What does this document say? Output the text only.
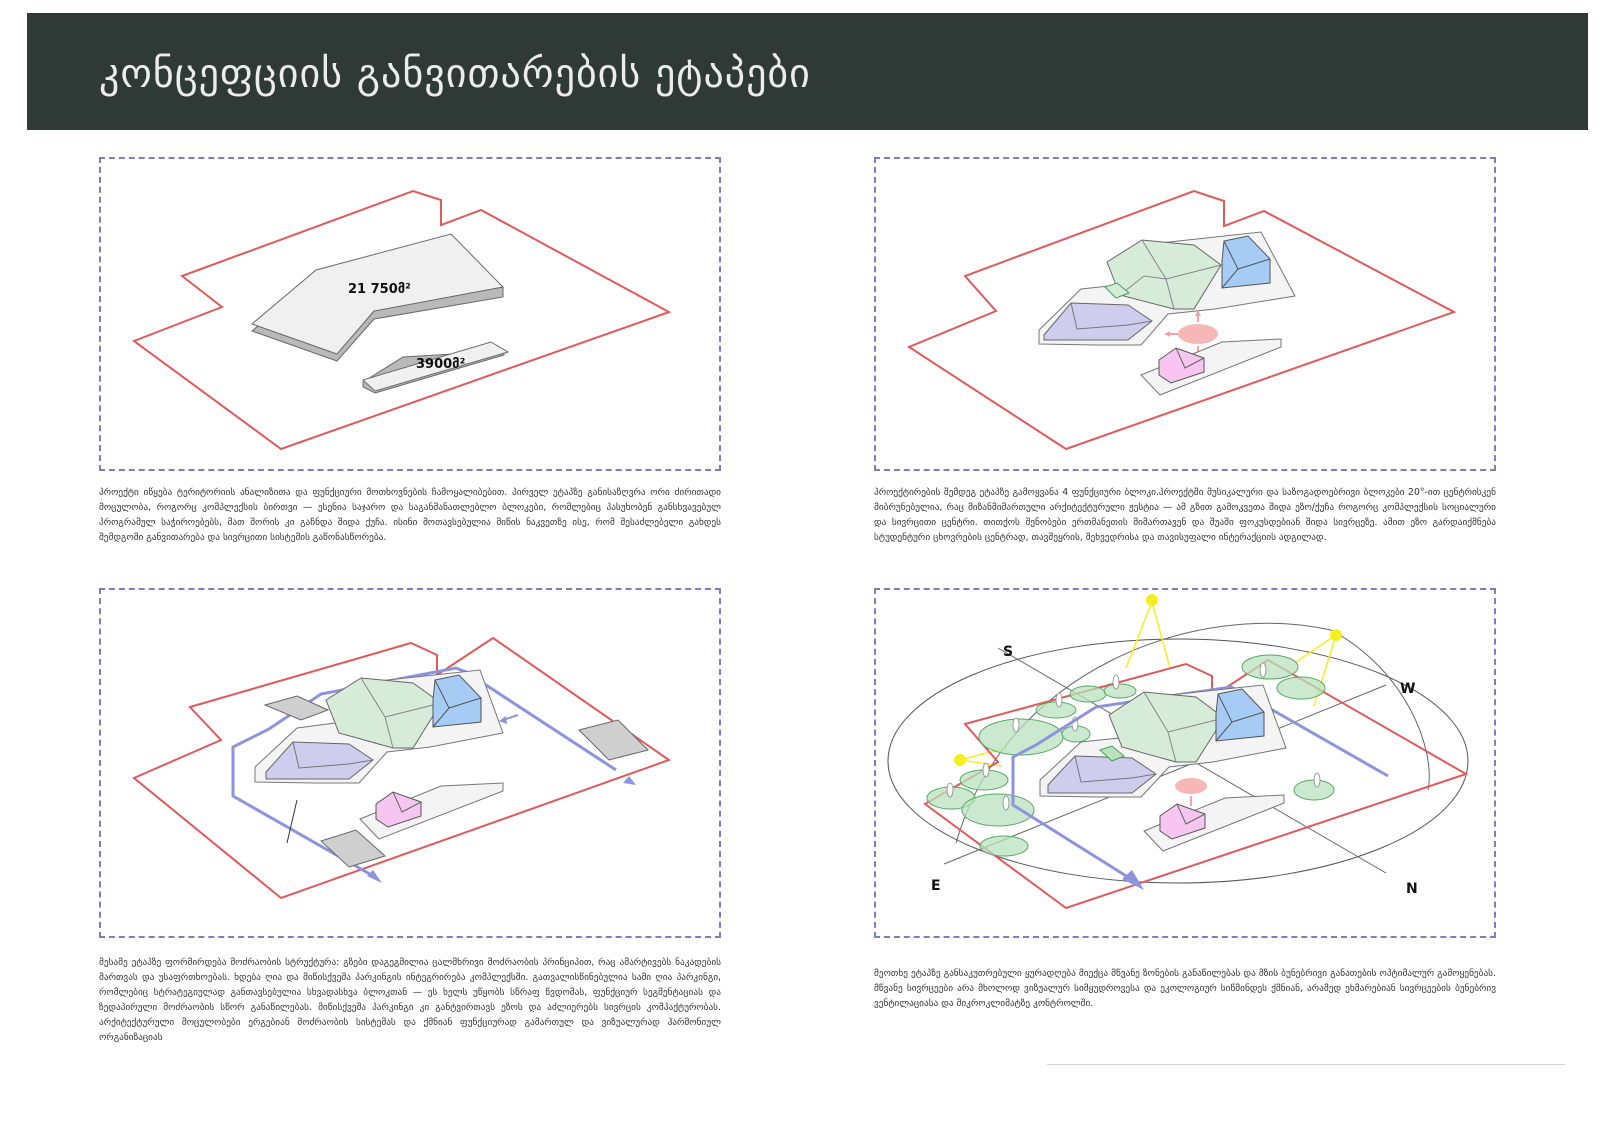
კონცეფციის განვითარების ეტაპები
21 750მ²
3900მ²
პროექტი იწყება ტერიტორიის ანალიზითა და ფუნქციური მოთხოვნების ჩამოყალიბებით. პირველ ეტაპზე განისაზღვრა ორი ძირითადი მოცულობა, როგორც კომპლექსის ბირთვი — ესენია საჯარო და საგანმანათლებლო ბლოკები, რომლებიც პასუხობენ განსხვავებულ პროგრამულ საჭიროებებს, მათ შორის კი გაჩნდა შიდა ქუჩა. ისინი მოთავსებულია მიწის ნაკვეთზე ისე, რომ შესაძლებელი გახდეს შემდგომი განვითარება და სივრცითი სისტემის გაწონასწორება.
პროექტირების შემდეგ ეტაპზე გამოყვანა 4 ფუნქციური ბლოკი.პროექტში მუსიკალური და საზოგადოებრივი ბლოკები 20°-ით ცენტრისკენ მიბრუნებულია, რაც მიზანმიმართული არქიტექტურული ჟესტია — ამ გზით გამოკვეთა შიდა ეზო/ქუჩა როგორც კომპლექსის სოციალური და სივრცითი ცენტრი. თითქოს შენობები ერთმანეთის მიმართავენ და შუაში ფოკუსდებიან შიდა სივრცეზე. ამით ეზო გარდაიქმნება სტუდენტური ცხოვრების ცენტრად, თავშეყრის, შეხვედრისა და თავისუფალი ინტერაქციის ადგილად.
მესამე ეტაპზე ფორმირდება მოძრაობის სტრუქტურა: გზები დაგეგმილია ცალმხრივი მოძრაობის პრინციპით, რაც ამარტივებს ნაკადების მართვას და უსაფრთხოებას. ხდება ღია და მიწისქვეშა პარკინგის ინტეგრირება კომპლექსში. გათვალისწინებულია სამი ღია პარკინგი, რომლებიც სტრატეგიულად განთავსებულია სხვადასხვა ბლოკთან — ეს ხელს უწყობს სწრაფ წვდომას, ფუნქციურ სეგმენტაციას და ზედაპირული მოძრაობის სწორ განაწილებას. მიწისქვეშა პარკინგი კი განტვირთავს ეზოს და აძლიერებს სივრცის კომპაქტურობას. არქიტექტურული მოცულობები ერგებიან მოძრაობის სისტემას და ქმნიან ფუნქციურად გამართულ და ვიზუალურად ჰარმონიულ ორგანიზაციას
S
W
E	N
მეოთხე ეტაპზე განსაკუთრებული ყურადღება მიექცა მწვანე ზონების განაწილებას და მზის ბუნებრივი განათების ოპტიმალურ გამოყენებას. მწვანე სივრცეები არა მხოლოდ ვიზუალურ სიმყუდროვესა და ეკოლოგიურ სიწმინდეს ქმნიან, არამედ ეხმარებიან სივრცეების ბუნებრივ ვენტილაციასა და მიკროკლიმატზე კონტროლში.
